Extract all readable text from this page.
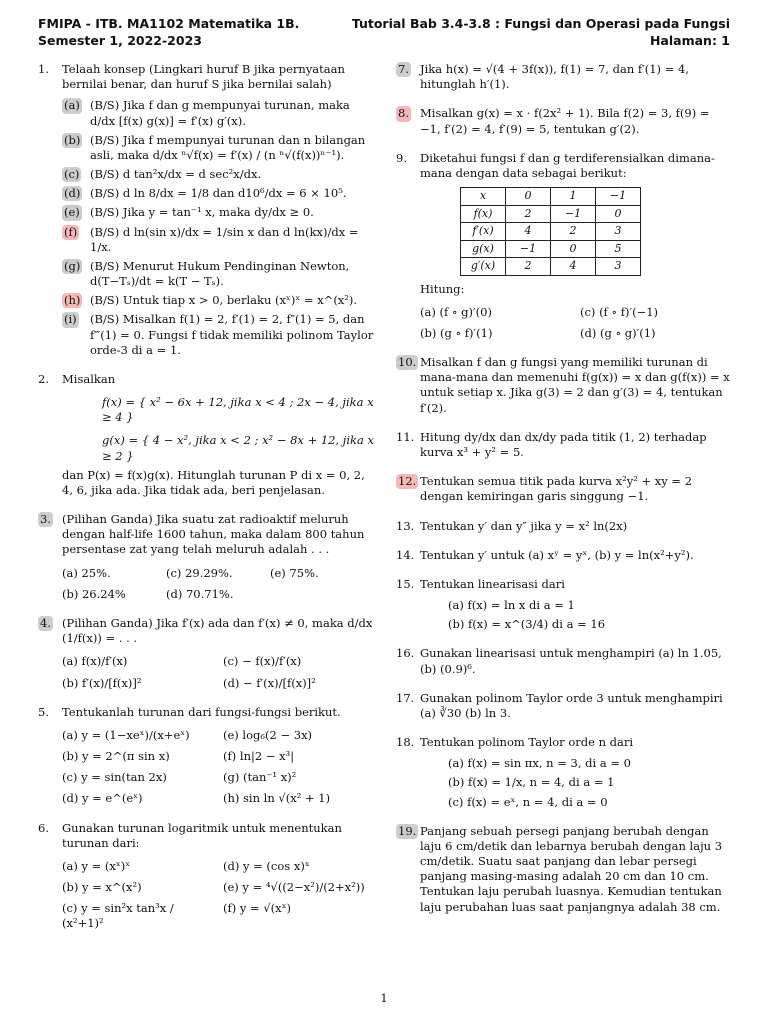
FMIPA - ITB. MA1102 Matematika 1B.	Tutorial Bab 3.4-3.8 : Fungsi dan Operasi pada Fungsi
Semester 1, 2022-2023	Halaman: 1
1. Telaah konsep (Lingkari huruf B jika pernyataan bernilai benar, dan huruf S jika bernilai salah)
(a) (B/S) Jika f dan g mempunyai turunan, maka d/dx [f(x) g(x)] = f′(x) g′(x).
(b) (B/S) Jika f mempunyai turunan dan n bilangan asli, maka d/dx ⁿ√f(x) = f′(x) / (n ⁿ√(f(x))ⁿ⁻¹).
(c) (B/S) d tan²x/dx = d sec²x/dx.
(d) (B/S) d ln 8/dx = 1/8 dan d10⁶/dx = 6 × 10⁵.
(e) (B/S) Jika y = tan⁻¹ x, maka dy/dx ≥ 0.
(f) (B/S) d ln(sin x)/dx = 1/sin x dan d ln(kx)/dx = 1/x.
(g) (B/S) Menurut Hukum Pendinginan Newton, d(T−Tₛ)/dt = k(T − Tₛ).
(h) (B/S) Untuk tiap x > 0, berlaku (xˣ)ˣ = x^(x²).
(i) (B/S) Misalkan f(1) = 2, f′(1) = 2, f″(1) = 5, dan f‴(1) = 0. Fungsi f tidak memiliki polinom Taylor orde-3 di a = 1.
2. Misalkan
f(x) = { x² − 6x + 12, jika x < 4 ; 2x − 4, jika x ≥ 4 }
g(x) = { 4 − x², jika x < 2 ; x² − 8x + 12, jika x ≥ 2 }
dan P(x) = f(x)g(x). Hitunglah turunan P di x = 0, 2, 4, 6, jika ada. Jika tidak ada, beri penjelasan.
3. (Pilihan Ganda) Jika suatu zat radioaktif meluruh dengan half-life 1600 tahun, maka dalam 800 tahun persentase zat yang telah meluruh adalah . . .
(a) 25%.	(c) 29.29%.	(e) 75%.
(b) 26.24%	(d) 70.71%.
4. (Pilihan Ganda) Jika f′(x) ada dan f′(x) ≠ 0, maka d/dx (1/f(x)) = . . .
(a) f(x)/f′(x)	(c) − f(x)/f′(x)
(b) f′(x)/[f(x)]²	(d) − f′(x)/[f(x)]²
5. Tentukanlah turunan dari fungsi-fungsi berikut.
(a) y = (1−xeˣ)/(x+eˣ)	(e) log₆(2 − 3x)
(b) y = 2^(π sin x)	(f) ln|2 − x³|
(c) y = sin(tan 2x)	(g) (tan⁻¹ x)²
(d) y = e^(eˣ)	(h) sin ln √(x² + 1)
6. Gunakan turunan logaritmik untuk menentukan turunan dari:
(a) y = (xˣ)ˣ	(d) y = (cos x)ˣ
(b) y = x^(x²)	(e) y = ⁴√((2−x²)/(2+x²))
(c) y = sin²x tan³x / (x²+1)²
(f) y = √(xˣ)
7. Jika h(x) = √(4 + 3f(x)), f(1) = 7, dan f′(1) = 4, hitunglah h′(1).
8. Misalkan g(x) = x · f(2x² + 1). Bila f(2) = 3, f(9) = −1, f′(2) = 4, f′(9) = 5, tentukan g′(2).
9. Diketahui fungsi f dan g terdiferensialkan dimana-mana dengan data sebagai berikut:
x	0	1	−1
f(x)	2	−1	0
f′(x)	4	2	3
g(x)	−1	0	5
g′(x)	2	4	3
Hitung:
(a) (f ∘ g)′(0)	(c) (f ∘ f)′(−1)
(b) (g ∘ f)′(1)	(d) (g ∘ g)′(1)
10. Misalkan f dan g fungsi yang memiliki turunan di mana-mana dan memenuhi f(g(x)) = x dan g(f(x)) = x untuk setiap x. Jika g(3) = 2 dan g′(3) = 4, tentukan f′(2).
11. Hitung dy/dx dan dx/dy pada titik (1, 2) terhadap kurva x³ + y² = 5.
12. Tentukan semua titik pada kurva x²y² + xy = 2 dengan kemiringan garis singgung −1.
13. Tentukan y′ dan y″ jika y = x² ln(2x)
14. Tentukan y′ untuk (a) xʸ = yˣ, (b) y = ln(x²+y²).
15. Tentukan linearisasi dari
(a) f(x) = ln x di a = 1
(b) f(x) = x^(3/4) di a = 16
16. Gunakan linearisasi untuk menghampiri (a) ln 1.05, (b) (0.9)⁶.
17. Gunakan polinom Taylor orde 3 untuk menghampiri (a) ∛30 (b) ln 3.
18. Tentukan polinom Taylor orde n dari
(a) f(x) = sin πx, n = 3, di a = 0
(b) f(x) = 1/x, n = 4, di a = 1
(c) f(x) = eˣ, n = 4, di a = 0
19. Panjang sebuah persegi panjang berubah dengan laju 6 cm/detik dan lebarnya berubah dengan laju 3 cm/detik. Suatu saat panjang dan lebar persegi panjang masing-masing adalah 20 cm dan 10 cm. Tentukan laju perubah luasnya. Kemudian tentukan laju perubahan luas saat panjangnya adalah 38 cm.
1
